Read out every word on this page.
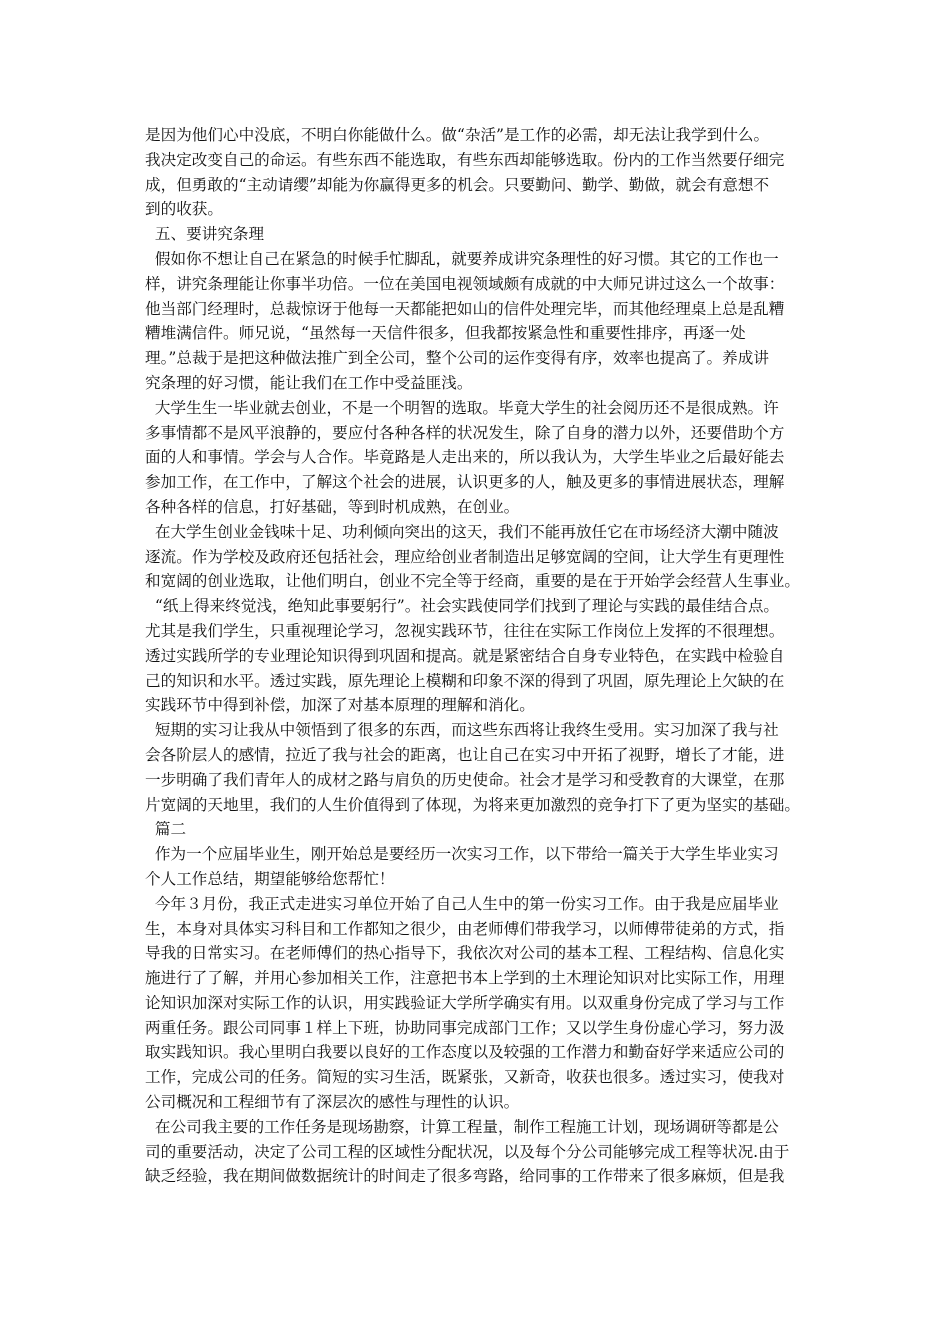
是因为他们心中没底，不明白你能做什么。做“杂活”是工作的必需，却无法让我学到什么。
我决定改变自己的命运。有些东西不能选取，有些东西却能够选取。份内的工作当然要仔细完
成，但勇敢的“主动请缨”却能为你赢得更多的机会。只要勤问、勤学、勤做，就会有意想不
到的收获。
五、要讲究条理
假如你不想让自己在紧急的时候手忙脚乱，就要养成讲究条理性的好习惯。其它的工作也一
样，讲究条理能让你事半功倍。一位在美国电视领域颇有成就的中大师兄讲过这么一个故事：
他当部门经理时，总裁惊讶于他每一天都能把如山的信件处理完毕，而其他经理桌上总是乱糟
糟堆满信件。师兄说，“虽然每一天信件很多，但我都按紧急性和重要性排序，再逐一处
理。”总裁于是把这种做法推广到全公司，整个公司的运作变得有序，效率也提高了。养成讲
究条理的好习惯，能让我们在工作中受益匪浅。
大学生生一毕业就去创业，不是一个明智的选取。毕竟大学生的社会阅历还不是很成熟。许
多事情都不是风平浪静的，要应付各种各样的状况发生，除了自身的潜力以外，还要借助个方
面的人和事情。学会与人合作。毕竟路是人走出来的，所以我认为，大学生毕业之后最好能去
参加工作，在工作中，了解这个社会的进展，认识更多的人，触及更多的事情进展状态，理解
各种各样的信息，打好基础，等到时机成熟，在创业。
在大学生创业金钱味十足、功利倾向突出的这天，我们不能再放任它在市场经济大潮中随波
逐流。作为学校及政府还包括社会，理应给创业者制造出足够宽阔的空间，让大学生有更理性
和宽阔的创业选取，让他们明白，创业不完全等于经商，重要的是在于开始学会经营人生事业。
“纸上得来终觉浅，绝知此事要躬行”。社会实践使同学们找到了理论与实践的最佳结合点。
尤其是我们学生，只重视理论学习，忽视实践环节，往往在实际工作岗位上发挥的不很理想。
透过实践所学的专业理论知识得到巩固和提高。就是紧密结合自身专业特色，在实践中检验自
己的知识和水平。透过实践，原先理论上模糊和印象不深的得到了巩固，原先理论上欠缺的在
实践环节中得到补偿，加深了对基本原理的理解和消化。
短期的实习让我从中领悟到了很多的东西，而这些东西将让我终生受用。实习加深了我与社
会各阶层人的感情，拉近了我与社会的距离，也让自己在实习中开拓了视野，增长了才能，进
一步明确了我们青年人的成材之路与肩负的历史使命。社会才是学习和受教育的大课堂，在那
片宽阔的天地里，我们的人生价值得到了体现，为将来更加激烈的竞争打下了更为坚实的基础。
篇二
作为一个应届毕业生，刚开始总是要经历一次实习工作，以下带给一篇关于大学生毕业实习
个人工作总结，期望能够给您帮忙！
今年３月份，我正式走进实习单位开始了自己人生中的第一份实习工作。由于我是应届毕业
生，本身对具体实习科目和工作都知之很少，由老师傅们带我学习，以师傅带徒弟的方式，指
导我的日常实习。在老师傅们的热心指导下，我依次对公司的基本工程、工程结构、信息化实
施进行了了解，并用心参加相关工作，注意把书本上学到的土木理论知识对比实际工作，用理
论知识加深对实际工作的认识，用实践验证大学所学确实有用。以双重身份完成了学习与工作
两重任务。跟公司同事１样上下班，协助同事完成部门工作；又以学生身份虚心学习，努力汲
取实践知识。我心里明白我要以良好的工作态度以及较强的工作潜力和勤奋好学来适应公司的
工作，完成公司的任务。简短的实习生活，既紧张，又新奇，收获也很多。透过实习，使我对
公司概况和工程细节有了深层次的感性与理性的认识。
在公司我主要的工作任务是现场勘察，计算工程量，制作工程施工计划，现场调研等都是公
司的重要活动，决定了公司工程的区域性分配状况，以及每个分公司能够完成工程等状况.由于
缺乏经验，我在期间做数据统计的时间走了很多弯路，给同事的工作带来了很多麻烦，但是我
